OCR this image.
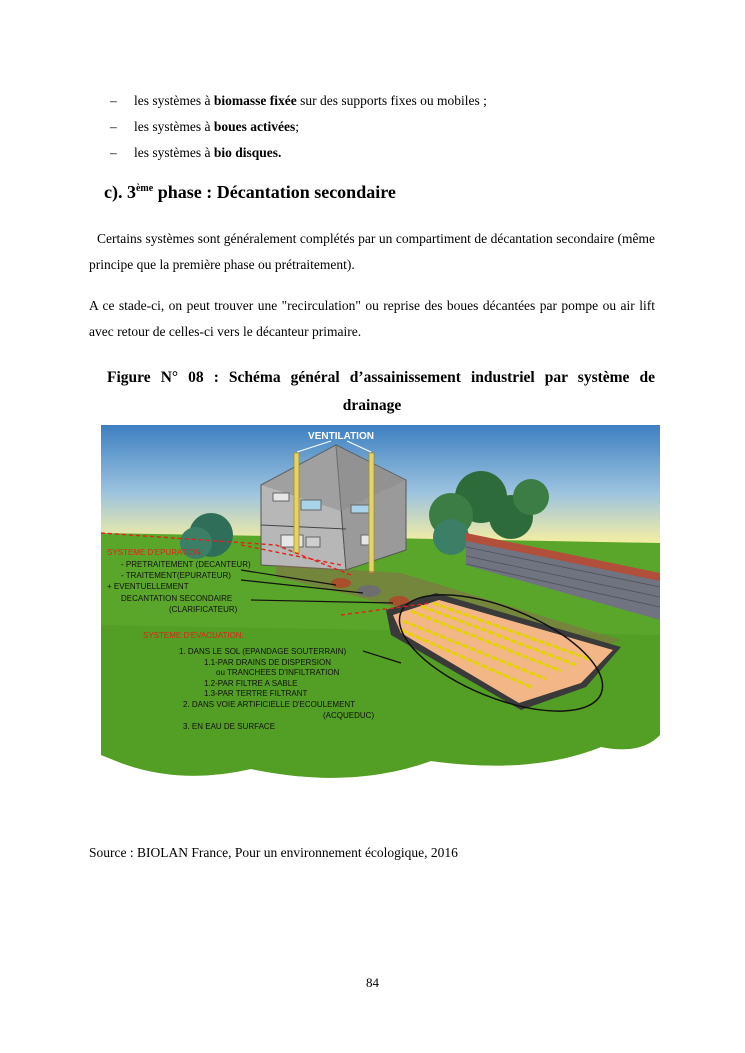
–	les systèmes à biomasse fixée sur des supports fixes ou mobiles ;
–	les systèmes à boues activées;
–	les systèmes à bio disques.
c). 3ème phase : Décantation secondaire
Certains systèmes sont généralement complétés par un compartiment de décantation secondaire (même principe que la première phase ou prétraitement).
A ce stade-ci, on peut trouver une "recirculation" ou reprise des boues décantées par pompe ou air lift avec retour de celles-ci vers le décanteur primaire.
Figure N° 08 : Schéma général d’assainissement industriel par système de
drainage
VENTILATION
SYSTEME D'EPURATION:
- PRETRAITEMENT (DECANTEUR)
- TRAITEMENT(EPURATEUR)
+ EVENTUELLEMENT
DECANTATION SECONDAIRE
(CLARIFICATEUR)
SYSTEME D'EVACUATION:
1. DANS LE SOL (EPANDAGE SOUTERRAIN)
1.1-PAR DRAINS DE DISPERSION
ou TRANCHEES D'INFILTRATION
1.2-PAR FILTRE A SABLE
1.3-PAR TERTRE FILTRANT
2. DANS VOIE ARTIFICIELLE D'ECOULEMENT
(ACQUEDUC)
3. EN EAU DE SURFACE
Source : BIOLAN France, Pour un environnement écologique, 2016
84
